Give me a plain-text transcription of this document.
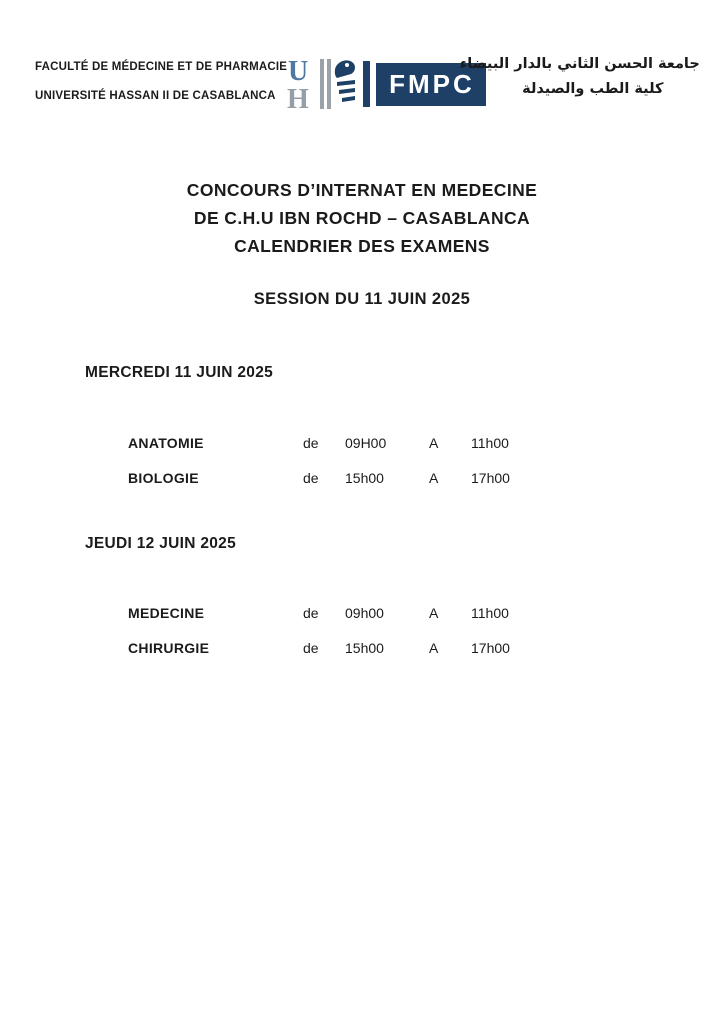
FACULTÉ DE MÉDECINE ET DE PHARMACIE

UNIVERSITÉ HASSAN II DE CASABLANCA

U
H
FMPC

جامعة الحسن الثاني بالدار البيضاء

كلية الطب والصيدلة

CONCOURS D’INTERNAT EN MEDECINE

DE C.H.U IBN ROCHD – CASABLANCA

CALENDRIER DES EXAMENS

SESSION DU 11 JUIN 2025
MERCREDI 11 JUIN 2025
ANATOMIE	de	09H00	A	11h00
BIOLOGIE	de	15h00	A	17h00
JEUDI 12 JUIN 2025
MEDECINE	de	09h00	A	11h00
CHIRURGIE	de	15h00	A	17h00
